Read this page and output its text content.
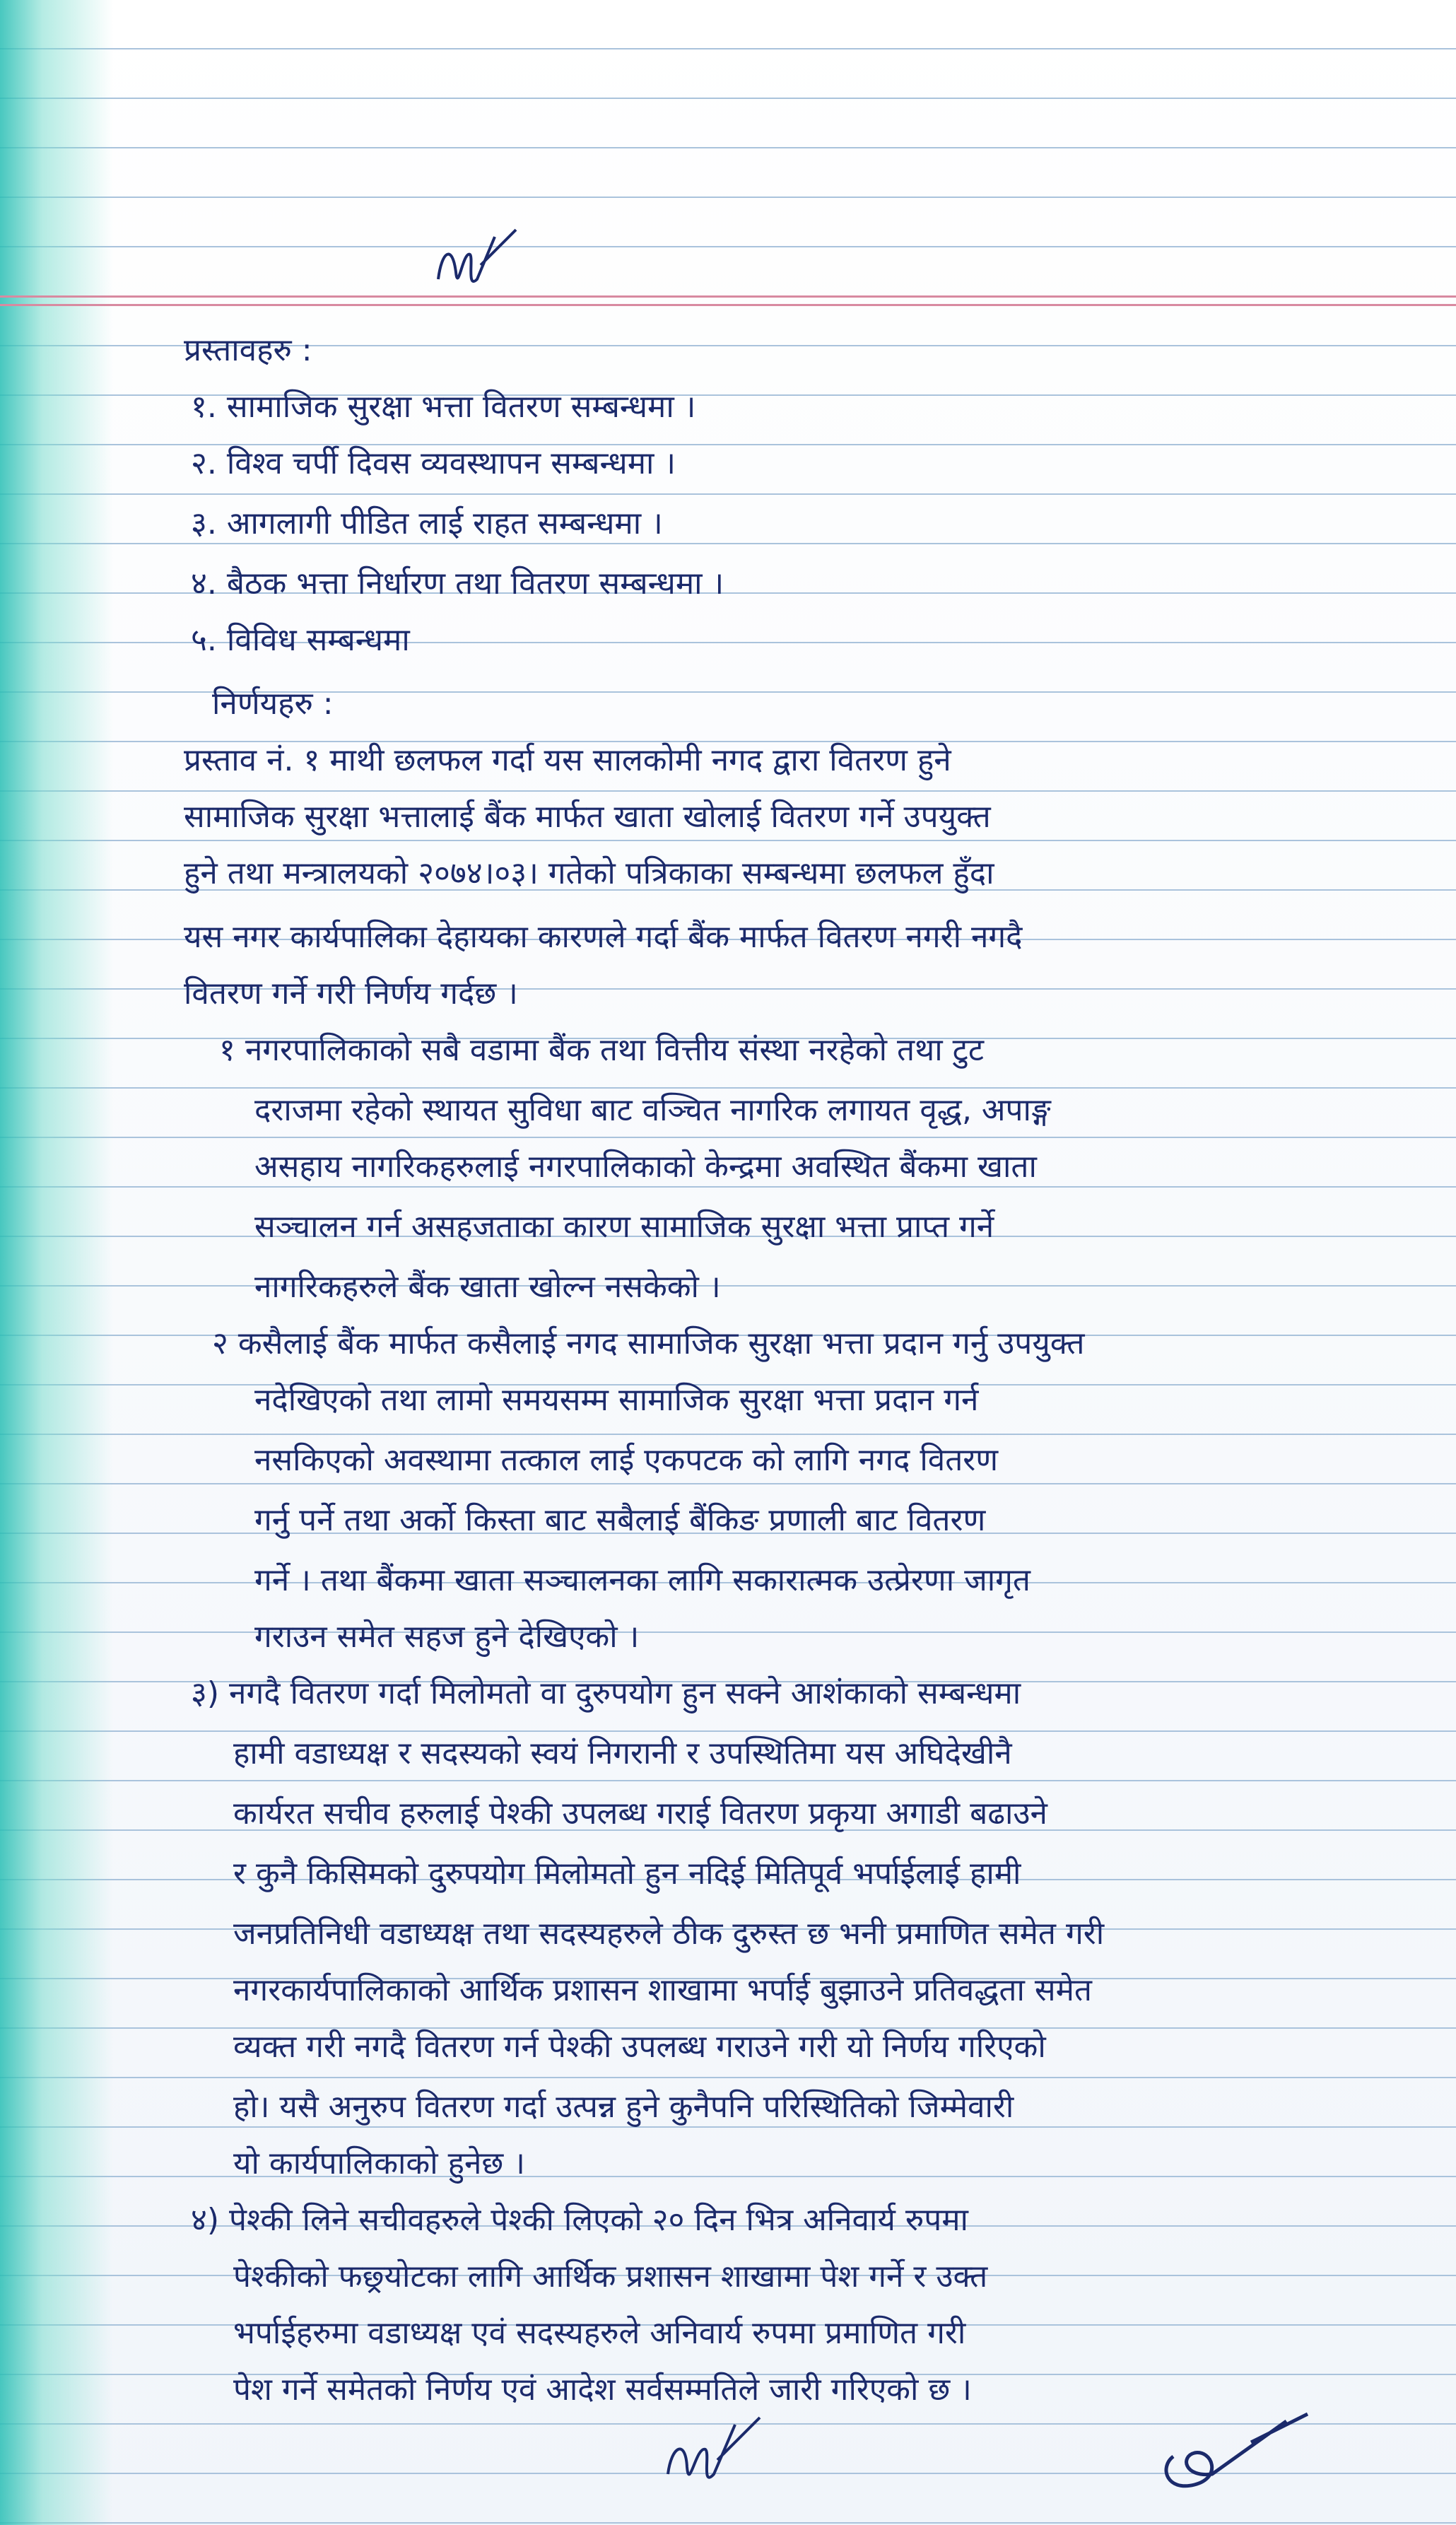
प्रस्तावहरु :
१. सामाजिक सुरक्षा भत्ता वितरण सम्बन्धमा ।
२. विश्व चर्पी दिवस व्यवस्थापन सम्बन्धमा ।
३. आगलागी पीडित लाई राहत सम्बन्धमा ।
४. बैठक भत्ता निर्धारण तथा वितरण सम्बन्धमा ।
५. विविध सम्बन्धमा
निर्णयहरु :
प्रस्ताव नं. १ माथी छलफल गर्दा यस सालकोमी नगद द्वारा वितरण हुने
सामाजिक सुरक्षा भत्तालाई बैंक मार्फत खाता खोलाई वितरण गर्ने उपयुक्त
हुने तथा मन्त्रालयको २०७४।०३। गतेको पत्रिकाका सम्बन्धमा छलफल हुँदा
यस नगर कार्यपालिका देहायका कारणले गर्दा बैंक मार्फत वितरण नगरी नगदै
वितरण गर्ने गरी निर्णय गर्दछ ।
१ नगरपालिकाको सबै वडामा बैंक तथा वित्तीय संस्था नरहेको तथा टुट
दराजमा रहेको स्थायत सुविधा बाट वञ्चित नागरिक लगायत वृद्ध, अपाङ्ग
असहाय नागरिकहरुलाई नगरपालिकाको केन्द्रमा अवस्थित बैंकमा खाता
सञ्चालन गर्न असहजताका कारण सामाजिक सुरक्षा भत्ता प्राप्त गर्ने
नागरिकहरुले बैंक खाता खोल्न नसकेको ।
२ कसैलाई बैंक मार्फत कसैलाई नगद सामाजिक सुरक्षा भत्ता प्रदान गर्नु उपयुक्त
नदेखिएको तथा लामो समयसम्म सामाजिक सुरक्षा भत्ता प्रदान गर्न
नसकिएको अवस्थामा तत्काल लाई एकपटक को लागि नगद वितरण
गर्नु पर्ने तथा अर्को किस्ता बाट सबैलाई बैंकिङ प्रणाली बाट वितरण
गर्ने । तथा बैंकमा खाता सञ्चालनका लागि सकारात्मक उत्प्रेरणा जागृत
गराउन समेत सहज हुने देखिएको ।
३) नगदै वितरण गर्दा मिलोमतो वा दुरुपयोग हुन सक्ने आशंकाको सम्बन्धमा
हामी वडाध्यक्ष र सदस्यको स्वयं निगरानी र उपस्थितिमा यस अघिदेखीनै
कार्यरत सचीव हरुलाई पेश्की उपलब्ध गराई वितरण प्रकृया अगाडी बढाउने
र कुनै किसिमको दुरुपयोग मिलोमतो हुन नदिई मितिपूर्व भर्पाईलाई हामी
जनप्रतिनिधी वडाध्यक्ष तथा सदस्यहरुले ठीक दुरुस्त छ भनी प्रमाणित समेत गरी
नगरकार्यपालिकाको आर्थिक प्रशासन शाखामा भर्पाई बुझाउने प्रतिवद्धता समेत
व्यक्त गरी नगदै वितरण गर्न पेश्की उपलब्ध गराउने गरी यो निर्णय गरिएको
हो। यसै अनुरुप वितरण गर्दा उत्पन्न हुने कुनैपनि परिस्थितिको जिम्मेवारी
यो कार्यपालिकाको हुनेछ ।
४) पेश्की लिने सचीवहरुले पेश्की लिएको २० दिन भित्र अनिवार्य रुपमा
पेश्कीको फछ्र्योटका लागि आर्थिक प्रशासन शाखामा पेश गर्ने र उक्त
भर्पाईहरुमा वडाध्यक्ष एवं सदस्यहरुले अनिवार्य रुपमा प्रमाणित गरी
पेश गर्ने समेतको निर्णय एवं आदेश सर्वसम्मतिले जारी गरिएको छ ।
